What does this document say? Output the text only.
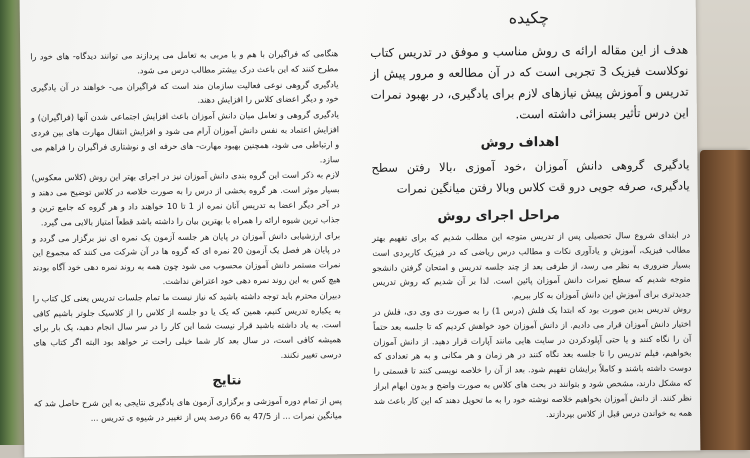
چکیده

هدف از این مقاله ارائه ی روش مناسب و موفق در تدریس کتاب نوکلاست فیزیک 3 تجربی است که در آن مطالعه و مرور پیش از تدریس و آموزش پیش نیازهای لازم برای یادگیری، در بهبود نمرات این درس تأثیر بسزائی داشته است.

اهداف روش

یادگیری گروهی دانش آموزان ،خود آموزی ،بالا رفتن سطح یادگیری، صرفه جویی درو قت کلاس وبالا رفتن میانگین نمرات

مراحل اجرای روش

در ابتدای شروع سال تحصیلی پس از تدریس متوجه این مطلب شدیم که برای تفهیم بهتر مطالب فیزیک، آموزش و یادآوری نکات و مطالب درس ریاضی که در فیزیک کاربردی است بسیار ضروری به نظر می رسد، از طرفی بعد از چند جلسه تدریس و امتحان گرفتن دانشجو متوجه شدیم که سطح نمرات دانش آموزان پائین است. لذا بر آن شدیم که روش تدریس جدیدتری برای آموزش این دانش آموزان به کار ببریم.

روش تدریس بدین صورت بود که ابتدا یک فلش (درس 1) را به صورت دی وی دی، فلش در اختیار دانش آموزان قرار می دادیم. از دانش آموزان خود خواهش کردیم که تا جلسه بعد حتماً آن را نگاه کنند و یا حتی آپلودکردن در سایت هایی مانند آپارات قرار دهید. از دانش آموزان بخواهیم، فیلم تدریس را تا جلسه بعد نگاه کنند در هر زمان و هر مکانی و به هر تعدادی که دوست داشته باشند و کاملاً برایشان تفهیم شود. بعد از آن را خلاصه نویسی کنند تا قسمتی را که مشکل دارند، مشخص شود و بتوانند در بحث های کلاس به صورت واضح و بدون ابهام ابراز نظر کنند. از دانش آموزان بخواهیم خلاصه نوشته خود را به ما تحویل دهند که این کار باعث شد همه به خواندن درس قبل از کلاس بپردازند.

هنگامی که فراگیران با هم و با مربی به تعامل می پردازند می توانند دیدگاه- های خود را مطرح کنند که این باعث درک بیشتر مطالب درس می شود.

یادگیری گروهی نوعی فعالیت سازمان مند است که فراگیران می- خواهند در آن یادگیری خود و دیگر اعضای کلاس را افزایش دهند.

یادگیری گروهی و تعامل میان دانش آموزان باعث افزایش اجتماعی شدن آنها (فراگیران) و افزایش اعتماد به نفس دانش آموزان آرام می شود و افزایش انتقال مهارت های بین فردی و ارتباطی می شود، همچنین بهبود مهارت- های حرفه ای و نوشتاری فراگیران را فراهم می سازد.

لازم به ذکر است این گروه بندی دانش آموزان نیز در اجرای بهتر این روش (کلاس معکوس) بسیار موثر است. هر گروه بخشی از درس را به صورت خلاصه در کلاس توضیح می دهند و در آخر دیگر اعضا به تدریس آنان نمره از 1 تا 10 خواهند داد و هر گروه که جامع ترین و جذاب ترین شیوه ارائه را همراه با بهترین بیان را داشته باشد قطعاً امتیاز بالایی می گیرد.

برای ارزشیابی دانش آموزان در پایان هر جلسه آزمون یک نمره ای نیز برگزار می گردد و در پایان هر فصل یک آزمون 20 نمره ای که گروه ها در آن شرکت می کنند که مجموع این نمرات مستمر دانش آموزان محسوب می شود چون همه به روند نمره دهی خود آگاه بودند هیچ کس به این روند نمره دهی خود اعتراض نداشت.

دبیران محترم باید توجه داشته باشید که نیاز نیست ما تمام جلسات تدریس یعنی کل کتاب را به یکباره تدریس کنیم، همین که یک یا دو جلسه از کلاس را از کلاسیک جلوتر باشیم کافی است. به یاد داشته باشید قرار نیست شما این کار را در سر سال انجام دهید، یک بار برای همیشه کافی است، در سال بعد کار شما خیلی راحت تر خواهد بود البته اگر کتاب های درسی تغییر نکنند.

نتایج

پس از تمام دوره آموزشی و برگزاری آزمون های یادگیری نتایجی به این شرح حاصل شد که میانگین نمرات ... از 47/5 به 66 درصد پس از تغییر در شیوه ی تدریس ...
